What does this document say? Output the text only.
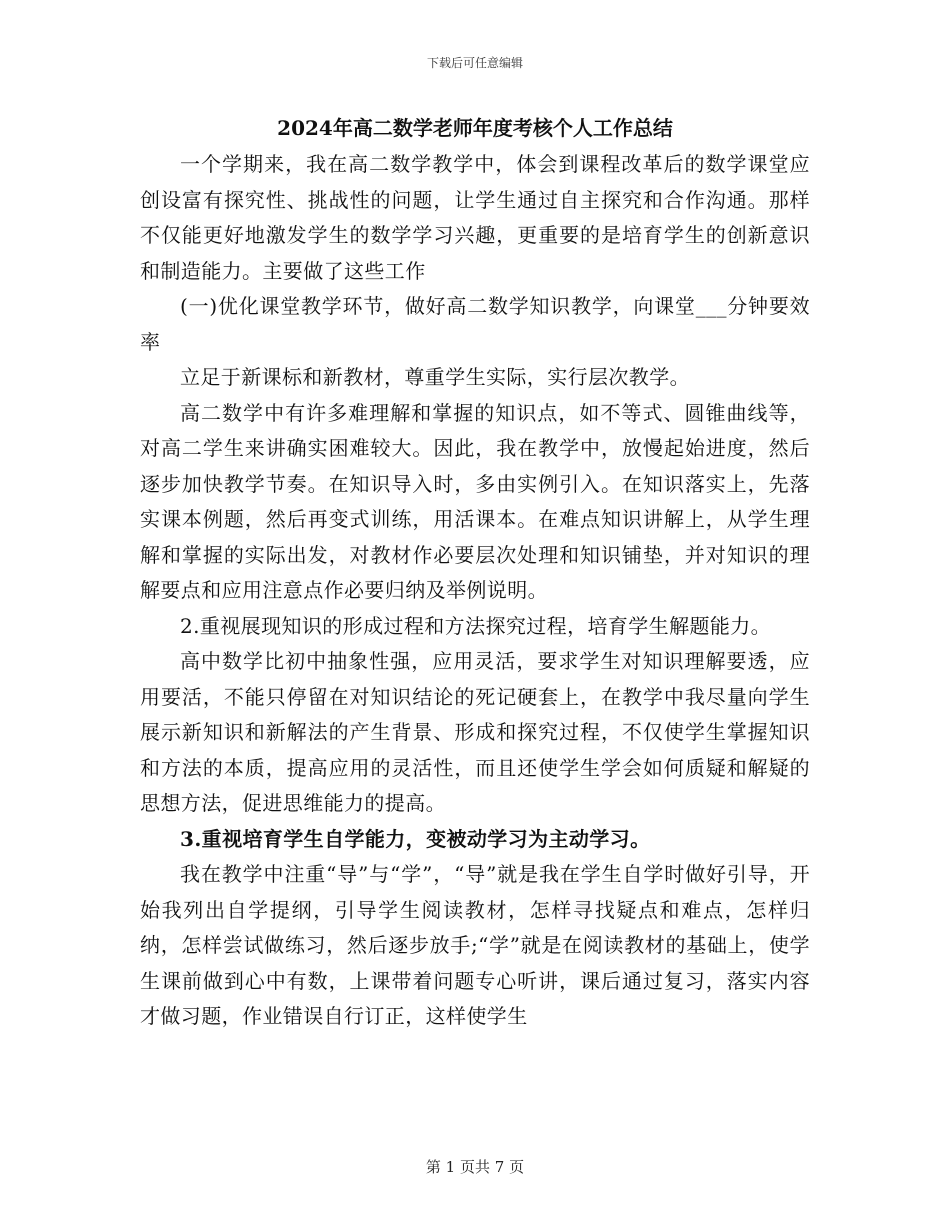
下载后可任意编辑
2024年高二数学老师年度考核个人工作总结

一个学期来，我在高二数学教学中，体会到课程改革后的数学课堂应创设富有探究性、挑战性的问题，让学生通过自主探究和合作沟通。那样不仅能更好地激发学生的数学学习兴趣，更重要的是培育学生的创新意识和制造能力。主要做了这些工作

(一)优化课堂教学环节，做好高二数学知识教学，向课堂___分钟要效率

立足于新课标和新教材，尊重学生实际，实行层次教学。

高二数学中有许多难理解和掌握的知识点，如不等式、圆锥曲线等，对高二学生来讲确实困难较大。因此，我在教学中，放慢起始进度，然后逐步加快教学节奏。在知识导入时，多由实例引入。在知识落实上，先落实课本例题，然后再变式训练，用活课本。在难点知识讲解上，从学生理解和掌握的实际出发，对教材作必要层次处理和知识铺垫，并对知识的理解要点和应用注意点作必要归纳及举例说明。

2.重视展现知识的形成过程和方法探究过程，培育学生解题能力。

高中数学比初中抽象性强，应用灵活，要求学生对知识理解要透，应用要活，不能只停留在对知识结论的死记硬套上，在教学中我尽量向学生展示新知识和新解法的产生背景、形成和探究过程，不仅使学生掌握知识和方法的本质，提高应用的灵活性，而且还使学生学会如何质疑和解疑的思想方法，促进思维能力的提高。

3.重视培育学生自学能力，变被动学习为主动学习。

我在教学中注重“导”与“学”，“导”就是我在学生自学时做好引导，开始我列出自学提纲，引导学生阅读教材，怎样寻找疑点和难点，怎样归纳，怎样尝试做练习，然后逐步放手;“学”就是在阅读教材的基础上，使学生课前做到心中有数，上课带着问题专心听讲，课后通过复习，落实内容才做习题，作业错误自行订正，这样使学生

第 1 页共 7 页
